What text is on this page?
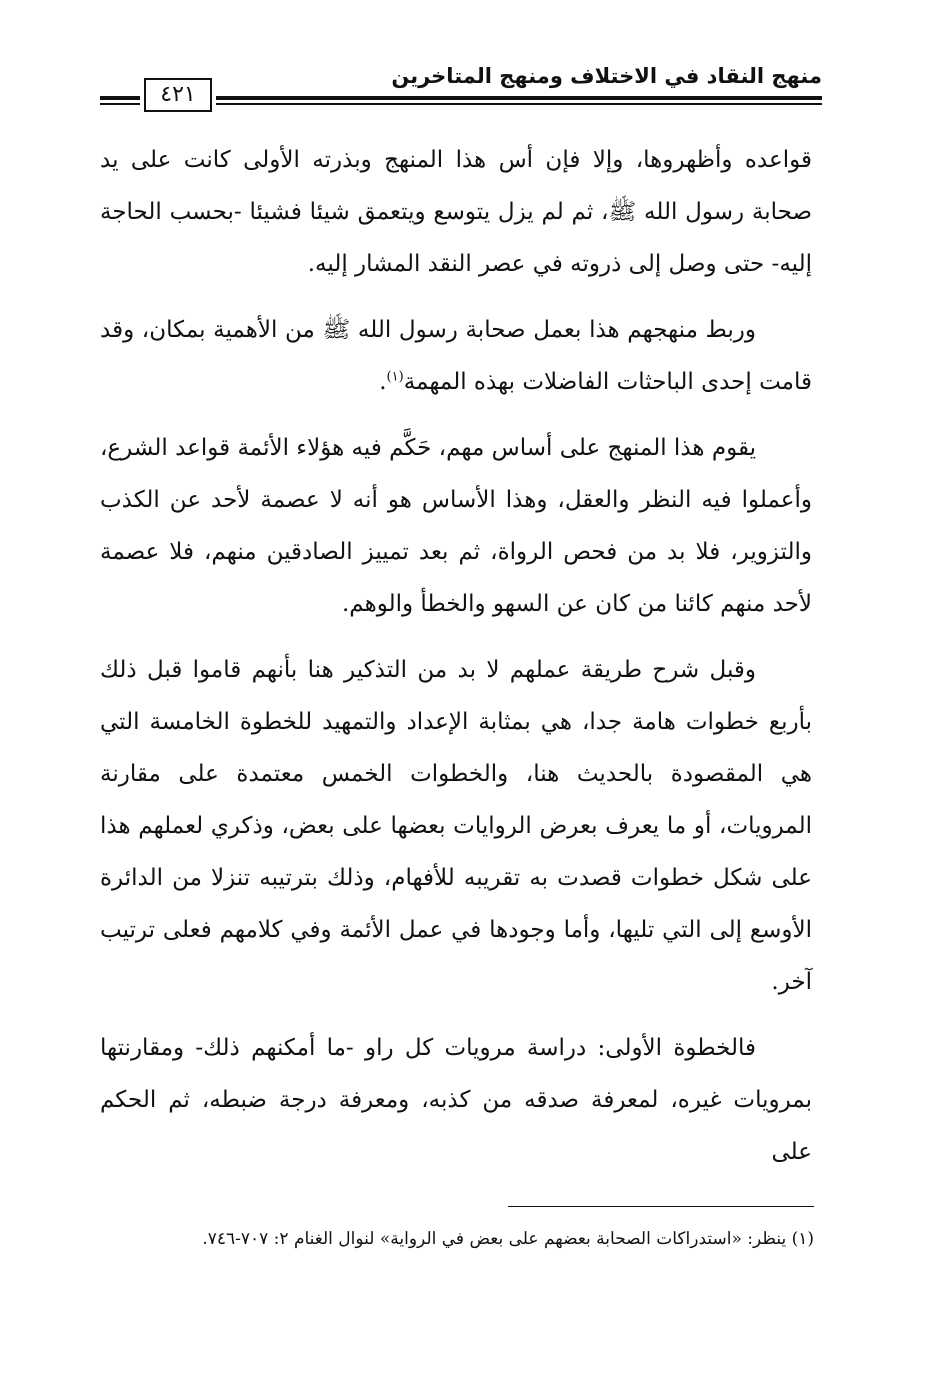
منهج النقاد في الاختلاف ومنهج المتاخرين
٤٢١

قواعده وأظهروها، وإلا فإن أس هذا المنهج وبذرته الأولى كانت على يد صحابة رسول الله ﷺ، ثم لم يزل يتوسع ويتعمق شيئا فشيئا -بحسب الحاجة إليه- حتى وصل إلى ذروته في عصر النقد المشار إليه.

وربط منهجهم هذا بعمل صحابة رسول الله ﷺ من الأهمية بمكان، وقد قامت إحدى الباحثات الفاضلات بهذه المهمة$^{(١)}$.

يقوم هذا المنهج على أساس مهم، حَكَّم فيه هؤلاء الأئمة قواعد الشرع، وأعملوا فيه النظر والعقل، وهذا الأساس هو أنه لا عصمة لأحد عن الكذب والتزوير، فلا بد من فحص الرواة، ثم بعد تمييز الصادقين منهم، فلا عصمة لأحد منهم كائنا من كان عن السهو والخطأ والوهم.

وقبل شرح طريقة عملهم لا بد من التذكير هنا بأنهم قاموا قبل ذلك بأربع خطوات هامة جدا، هي بمثابة الإعداد والتمهيد للخطوة الخامسة التي هي المقصودة بالحديث هنا، والخطوات الخمس معتمدة على مقارنة المرويات، أو ما يعرف بعرض الروايات بعضها على بعض، وذكري لعملهم هذا على شكل خطوات قصدت به تقريبه للأفهام، وذلك بترتيبه تنزلا من الدائرة الأوسع إلى التي تليها، وأما وجودها في عمل الأئمة وفي كلامهم فعلى ترتيب آخر.

فالخطوة الأولى: دراسة مرويات كل راو -ما أمكنهم ذلك- ومقارنتها بمرويات غيره، لمعرفة صدقه من كذبه، ومعرفة درجة ضبطه، ثم الحكم على

(١) ينظر: «استدراكات الصحابة بعضهم على بعض في الرواية» لنوال الغنام ٢: ٧٠٧-٧٤٦.
